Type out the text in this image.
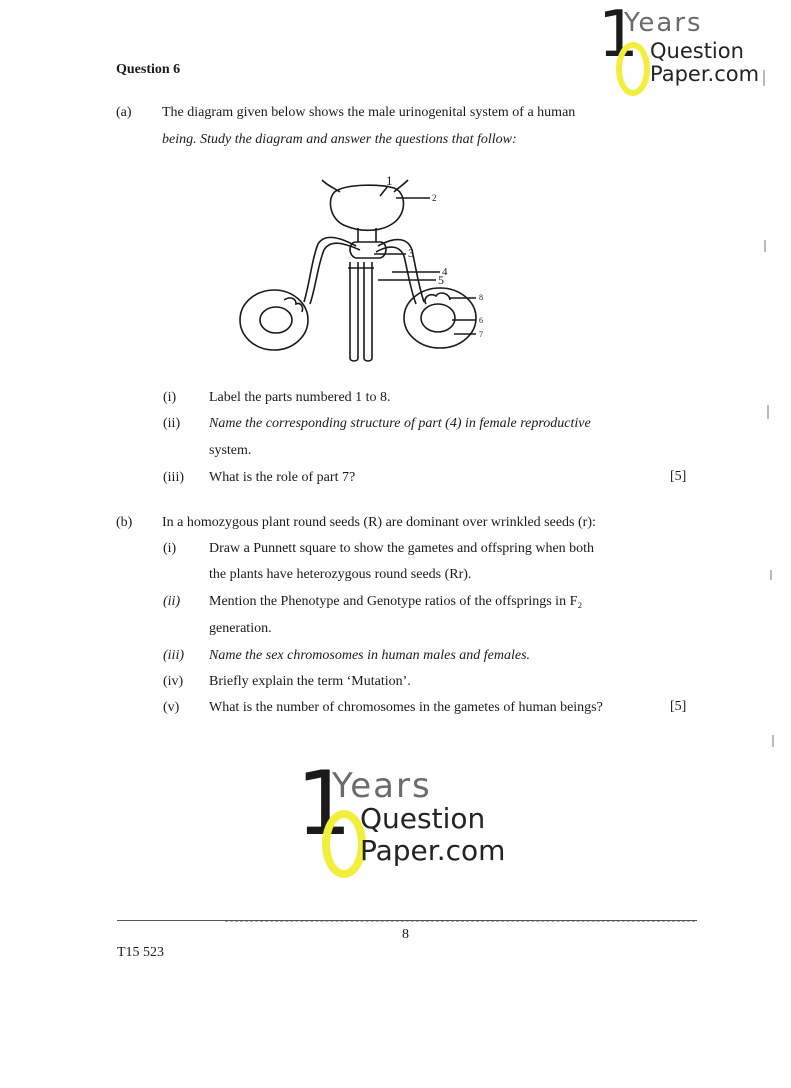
1
Years
Question
Paper.com
Question 6
(a) The diagram given below shows the male urinogenital system of a human
being. Study the diagram and answer the questions that follow:
1
2
3
4
5
8
6
7
(i) Label the parts numbered 1 to 8.
(ii) Name the corresponding structure of part (4) in female reproductive
system.
(iii) What is the role of part 7?	[5]
(b) In a homozygous plant round seeds (R) are dominant over wrinkled seeds (r):
(i) Draw a Punnett square to show the gametes and offspring when both
the plants have heterozygous round seeds (Rr).
(ii) Mention the Phenotype and Genotype ratios of the offsprings in F₂
generation.
(iii) Name the sex chromosomes in human males and females.
(iv) Briefly explain the term ‘Mutation’.
(v) What is the number of chromosomes in the gametes of human beings?	[5]
1
Years
Question
Paper.com
8
T15 523
